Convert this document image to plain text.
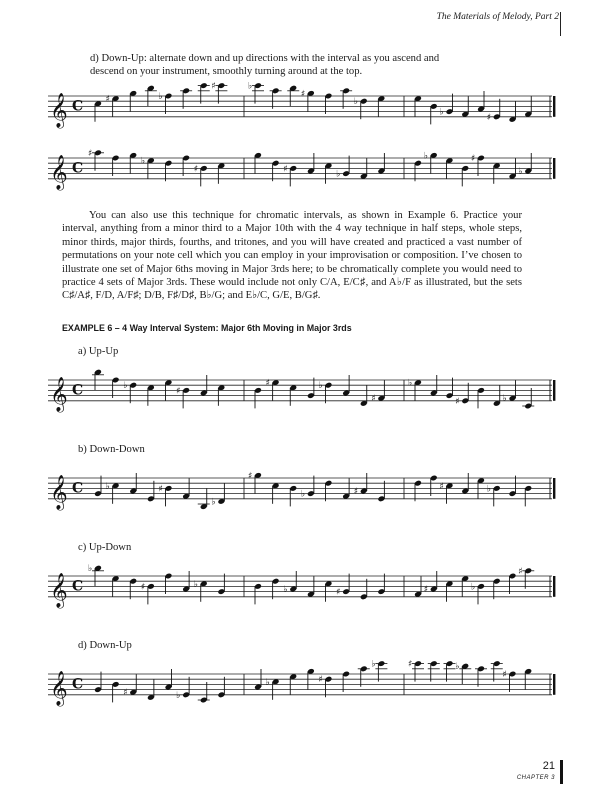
The Materials of Melody, Part 2
d) Down-Up: alternate down and up directions with the interval as you ascend and descend on your instrument, smoothly turning around at the top.
𝄞 C ♯	♭
♯	♭
♯
♭
♭
♯
𝄞 C
♯
♭
♯	♯
♭
♭	♯
♭
You can also use this technique for chromatic intervals, as shown in Example 6. Practice your interval, anything from a minor third to a Major 10th with the 4 way technique in half steps, whole steps, minor thirds, major thirds, fourths, and tritones, and you will have created and practiced a vast number of permutations on your note cell which you can employ in your improvisation or composition. I’ve chosen to illustrate one set of Major 6ths moving in Major 3rds here; to be chromatically complete you would need to practice 4 sets of Major 3rds. These would include not only C/A, E/C♯, and A♭/F as illustrated, but the sets C♯/A♯, F/D, A/F♯; D/B, F♯/D♯, B♭/G; and E♭/C, G/E, B/G♯.
EXAMPLE 6 – 4 Way Interval System: Major 6th Moving in Major 3rds
a) Up-Up
𝄞 C	♭
♯
♯	♭
♯
♭
♯	♭
b) Down-Down
𝄞 C ♭	♯
♭
♯
♭	♯
♯	♭
c) Up-Down
𝄞 C
♭
♯	♭
♭	♯	♯	♭
♯
d) Down-Up
𝄞 C
♯	♭
♭	♯
♭	♯	♭
♯
21
CHAPTER 3
